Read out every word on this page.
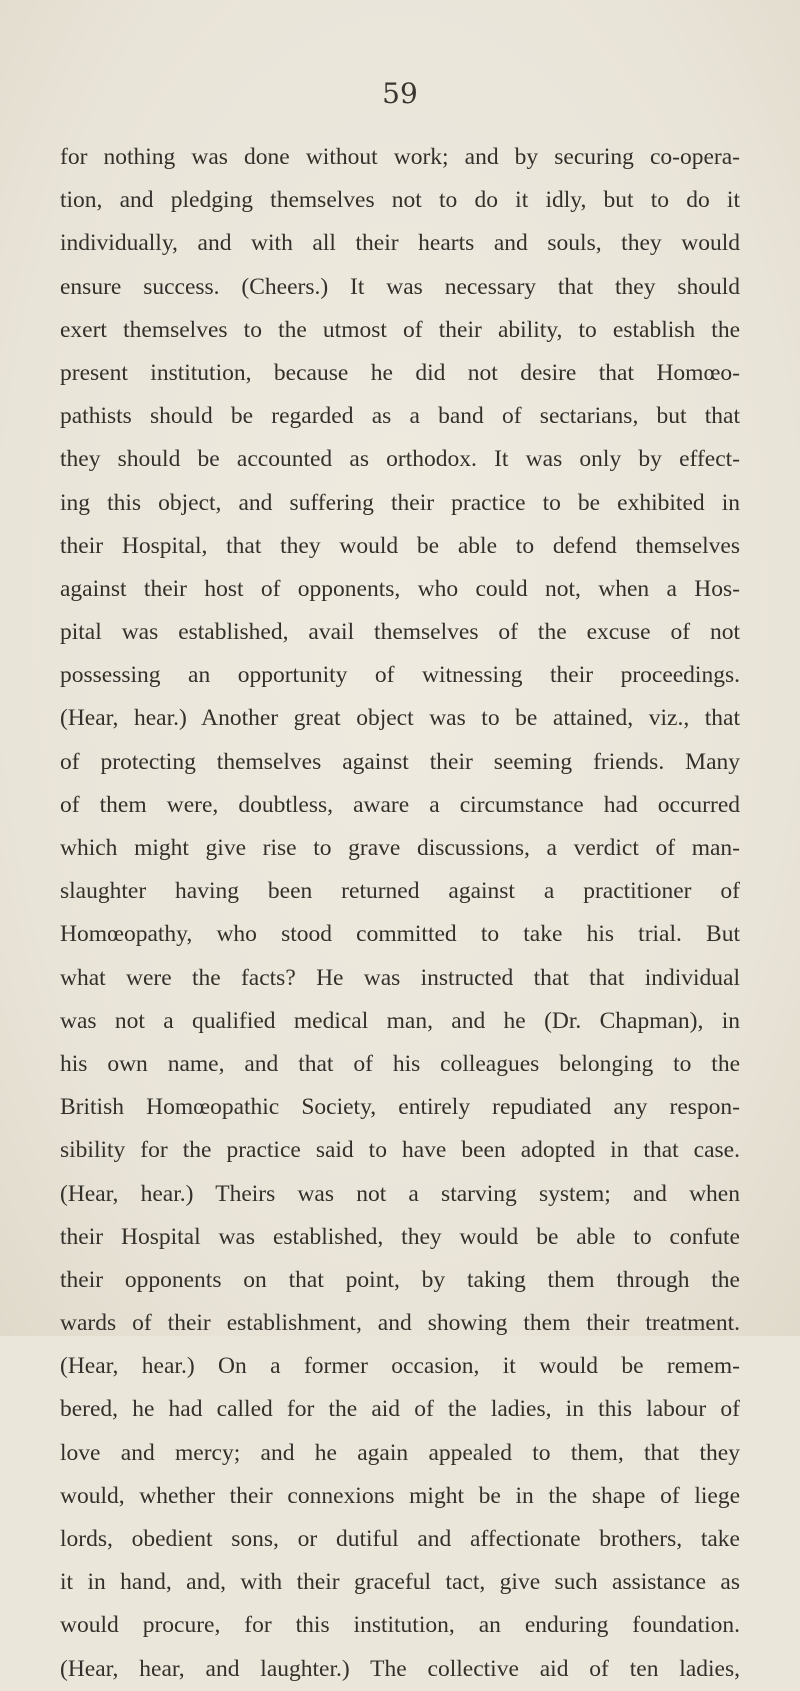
59
for nothing was done without work; and by securing co-opera-
tion, and pledging themselves not to do it idly, but to do it
individually, and with all their hearts and souls, they would
ensure success. (Cheers.) It was necessary that they should
exert themselves to the utmost of their ability, to establish the
present institution, because he did not desire that Homœo-
pathists should be regarded as a band of sectarians, but that
they should be accounted as orthodox. It was only by effect-
ing this object, and suffering their practice to be exhibited in
their Hospital, that they would be able to defend themselves
against their host of opponents, who could not, when a Hos-
pital was established, avail themselves of the excuse of not
possessing an opportunity of witnessing their proceedings.
(Hear, hear.) Another great object was to be attained, viz., that
of protecting themselves against their seeming friends. Many
of them were, doubtless, aware a circumstance had occurred
which might give rise to grave discussions, a verdict of man-
slaughter having been returned against a practitioner of
Homœopathy, who stood committed to take his trial. But
what were the facts? He was instructed that that individual
was not a qualified medical man, and he (Dr. Chapman), in
his own name, and that of his colleagues belonging to the
British Homœopathic Society, entirely repudiated any respon-
sibility for the practice said to have been adopted in that case.
(Hear, hear.) Theirs was not a starving system; and when
their Hospital was established, they would be able to confute
their opponents on that point, by taking them through the
wards of their establishment, and showing them their treatment.
(Hear, hear.) On a former occasion, it would be remem-
bered, he had called for the aid of the ladies, in this labour of
love and mercy; and he again appealed to them, that they
would, whether their connexions might be in the shape of liege
lords, obedient sons, or dutiful and affectionate brothers, take
it in hand, and, with their graceful tact, give such assistance as
would procure, for this institution, an enduring foundation.
(Hear, hear, and laughter.) The collective aid of ten ladies,
